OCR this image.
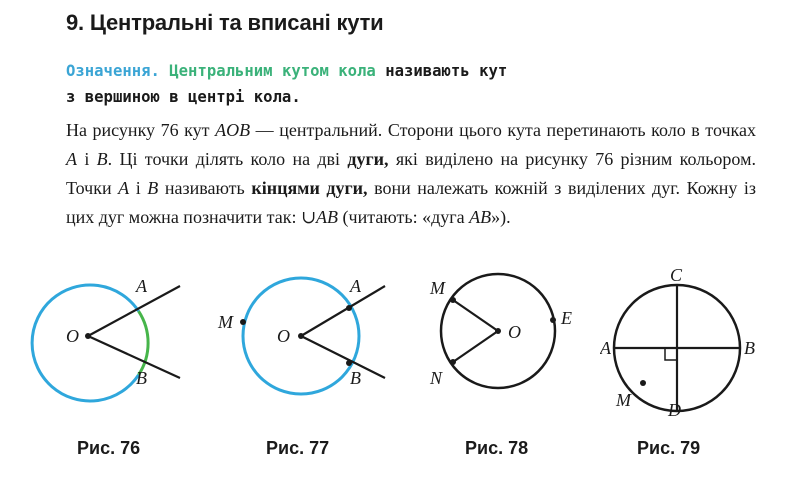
9. Центральні та вписані кути

Означення. Центральним кутом кола називають кут
з вершиною в центрі кола.

На рисунку 76 кут AOB — центральний. Сторони цього кута перетинають коло в точках A і B. Ці точки ділять коло на дві дуги, які виділено на рисунку 76 різним кольором. Точки A і B називають кінцями дуги, вони належать кожній з виділених дуг. Кожну із цих дуг можна позначити так: ∪AB (читають: «дуга AB»).

A
B
O
Рис. 76
A
B
O
M
Рис. 77
M
N
O
E
Рис. 78
C
A	B
D
M
Рис. 79
